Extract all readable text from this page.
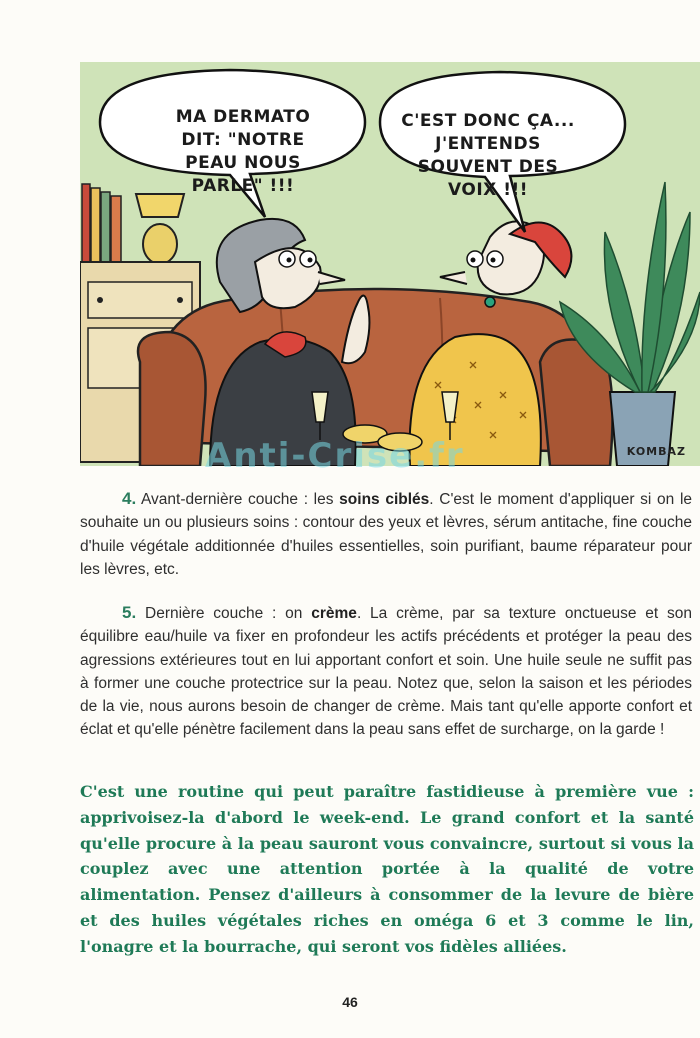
MA DERMATO DIT: "NOTRE PEAU NOUS PARLE" !!!
C'EST DONC ÇA... J'ENTENDS SOUVENT DES VOIX !!!
KOMBAZ
Anti-Crise.fr

4. Avant-dernière couche : les soins ciblés. C'est le moment d'appliquer si on le souhaite un ou plusieurs soins : contour des yeux et lèvres, sérum antitache, fine couche d'huile végétale additionnée d'huiles essentielles, soin purifiant, baume réparateur pour les lèvres, etc.

5. Dernière couche : on crème. La crème, par sa texture onctueuse et son équilibre eau/huile va fixer en profondeur les actifs précédents et protéger la peau des agressions extérieures tout en lui apportant confort et soin. Une huile seule ne suffit pas à former une couche protectrice sur la peau. Notez que, selon la saison et les périodes de la vie, nous aurons besoin de changer de crème. Mais tant qu'elle apporte confort et éclat et qu'elle pénètre facilement dans la peau sans effet de surcharge, on la garde !

C'est une routine qui peut paraître fastidieuse à première vue : apprivoisez-la d'abord le week-end. Le grand confort et la santé qu'elle procure à la peau sauront vous convaincre, surtout si vous la couplez avec une attention portée à la qualité de votre alimentation. Pensez d'ailleurs à consommer de la levure de bière et des huiles végétales riches en oméga 6 et 3 comme le lin, l'onagre et la bourrache, qui seront vos fidèles alliées.

46
